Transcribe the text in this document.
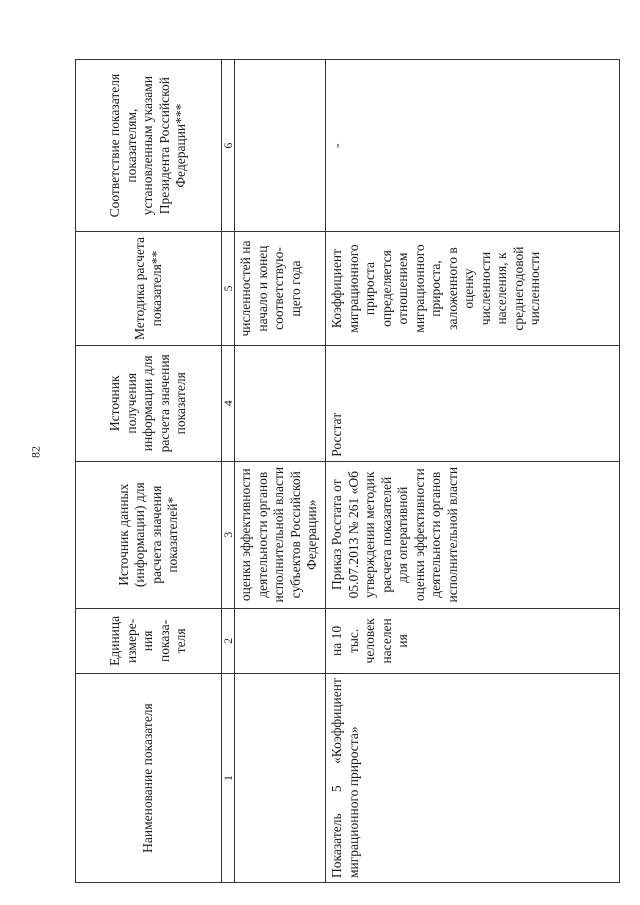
82
Наименование показателя	Единица измере-ния показа-теля	Источник данных (информации) для расчета значения показателей*	Источник получения информации для расчета значения показателя	Методика расчета показателя**	Соответствие показателя показателям, установленным указами Президента Российской Федерации***
1	2	3	4	5	6
		оценки эффективности деятельности органов исполнительной власти субъектов Российской Федерации»		численностей на начало и конец соответствую-щего года	
Показатель 5 «Коэффициент миграционного прироста»	на 10 тыс. человек населен ия	Приказ Росстата от 05.07.2013 № 261 «Об утверждении методик расчета показателей для оперативной оценки эффективности деятельности органов исполнительной власти	Росстат	Коэффициент миграционного прироста определяется отношением миграционного прироста, заложенного в оценку численности населения, к среднегодовой численности	-
